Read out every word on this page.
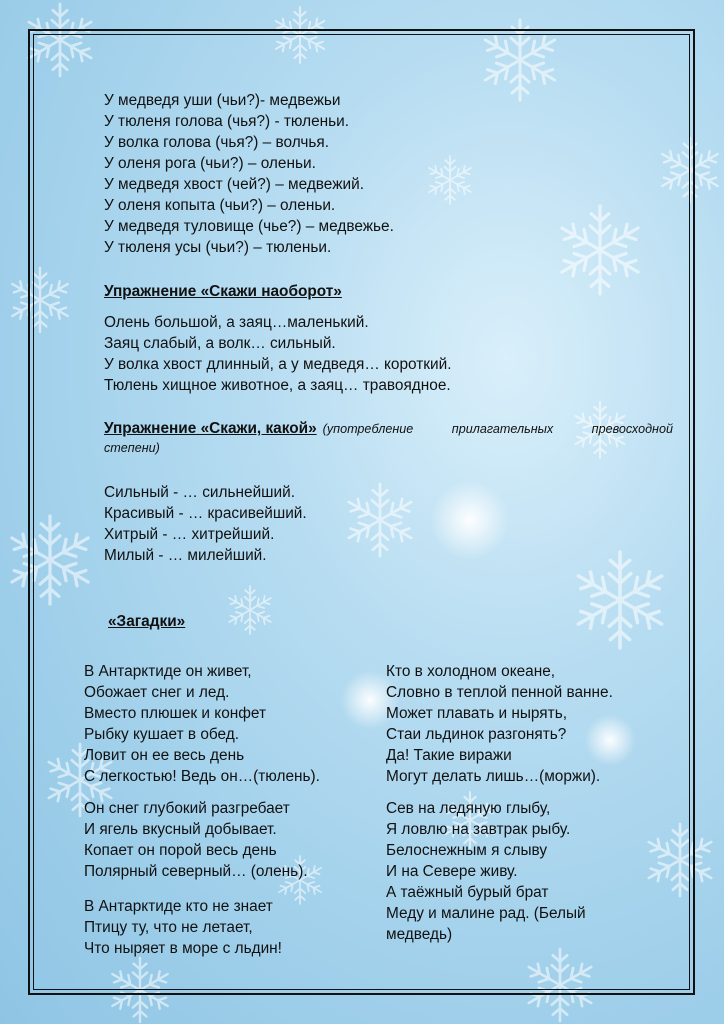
У медведя уши (чьи?)- медвежьи
У тюленя голова (чья?) - тюленьи.
У волка голова (чья?) – волчья.
У оленя рога (чьи?) – оленьи.
У медведя хвост (чей?) – медвежий.
У оленя копыта (чьи?) – оленьи.
У медведя туловище (чье?) – медвежье.
У тюленя усы (чьи?) – тюленьи.
Упражнение «Скажи наоборот»
Олень большой, а заяц…маленький.
Заяц слабый, а волк… сильный.
У волка хвост длинный, а у медведя… короткий.
Тюлень хищное животное, а заяц… травоядное.
Упражнение «Скажи, какой» (употребление прилагательных превосходной
степени)
Сильный - … сильнейший.
Красивый - … красивейший.
Хитрый - … хитрейший.
Милый - … милейший.
«Загадки»
В Антарктиде он живет,
Обожает снег и лед.
Вместо плюшек и конфет
Рыбку кушает в обед.
Ловит он ее весь день
С легкостью! Ведь он…(тюлень).
Он снег глубокий разгребает
И ягель вкусный добывает.
Копает он порой весь день
Полярный северный… (олень).
В Антарктиде кто не знает
Птицу ту, что не летает,
Что ныряет в море с льдин!
Кто в холодном океане,
Словно в теплой пенной ванне.
Может плавать и нырять,
Стаи льдинок разгонять?
Да! Такие виражи
Могут делать лишь…(моржи).
Сев на ледяную глыбу,
Я ловлю на завтрак рыбу.
Белоснежным я слыву
И на Севере живу.
А таёжный бурый брат
Меду и малине рад. (Белый
медведь)
